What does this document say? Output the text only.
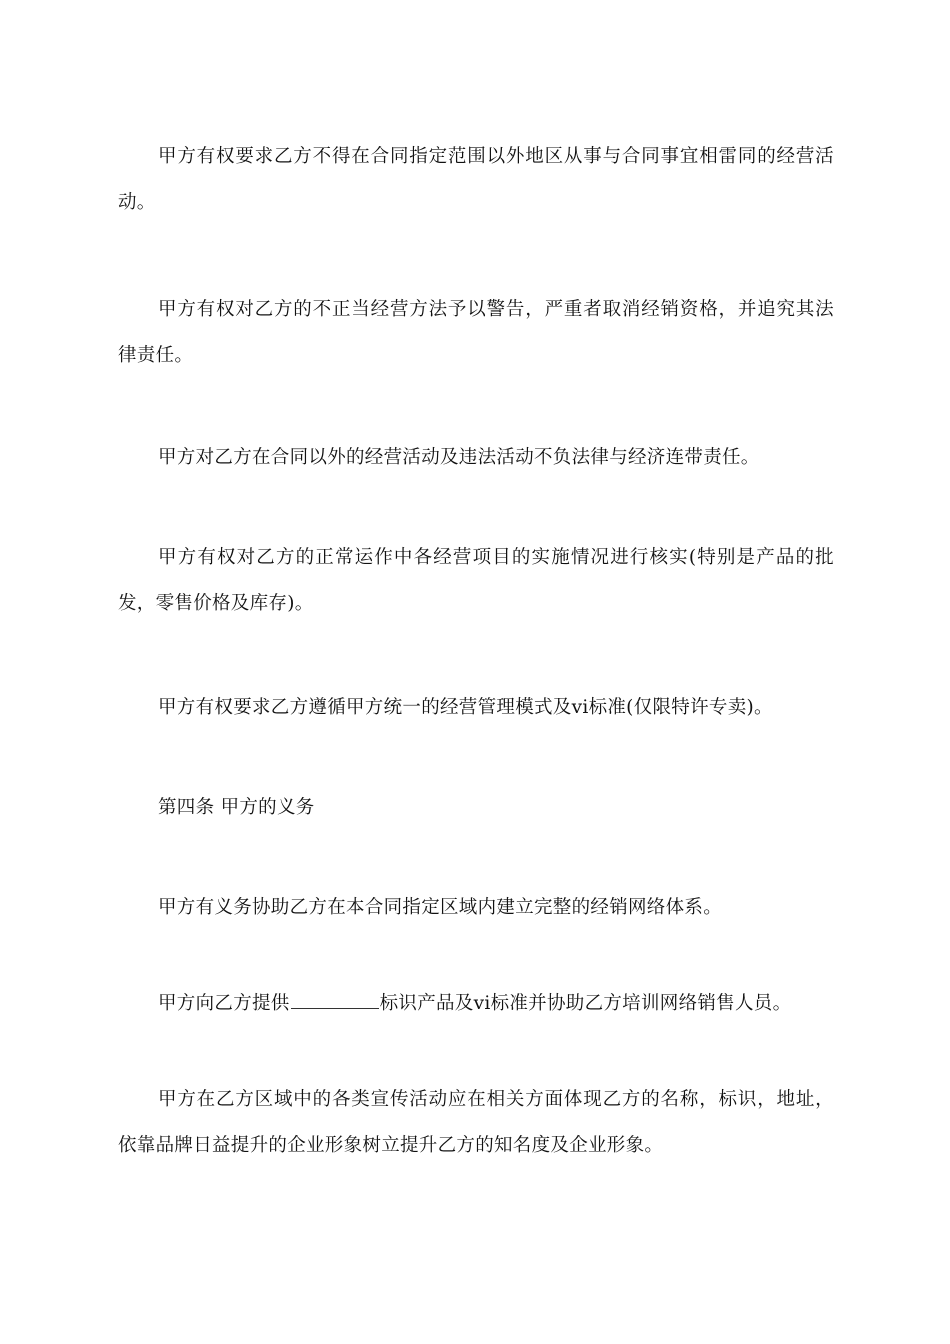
甲方有权要求乙方不得在合同指定范围以外地区从事与合同事宜相雷同的经营活动。

甲方有权对乙方的不正当经营方法予以警告，严重者取消经销资格，并追究其法律责任。

甲方对乙方在合同以外的经营活动及违法活动不负法律与经济连带责任。

甲方有权对乙方的正常运作中各经营项目的实施情况进行核实(特别是产品的批发，零售价格及库存)。

甲方有权要求乙方遵循甲方统一的经营管理模式及vi标准(仅限特许专卖)。

第四条 甲方的义务

甲方有义务协助乙方在本合同指定区域内建立完整的经销网络体系。

甲方向乙方提供	标识产品及vi标准并协助乙方培训网络销售人员。

甲方在乙方区域中的各类宣传活动应在相关方面体现乙方的名称，标识，地址，依靠品牌日益提升的企业形象树立提升乙方的知名度及企业形象。
